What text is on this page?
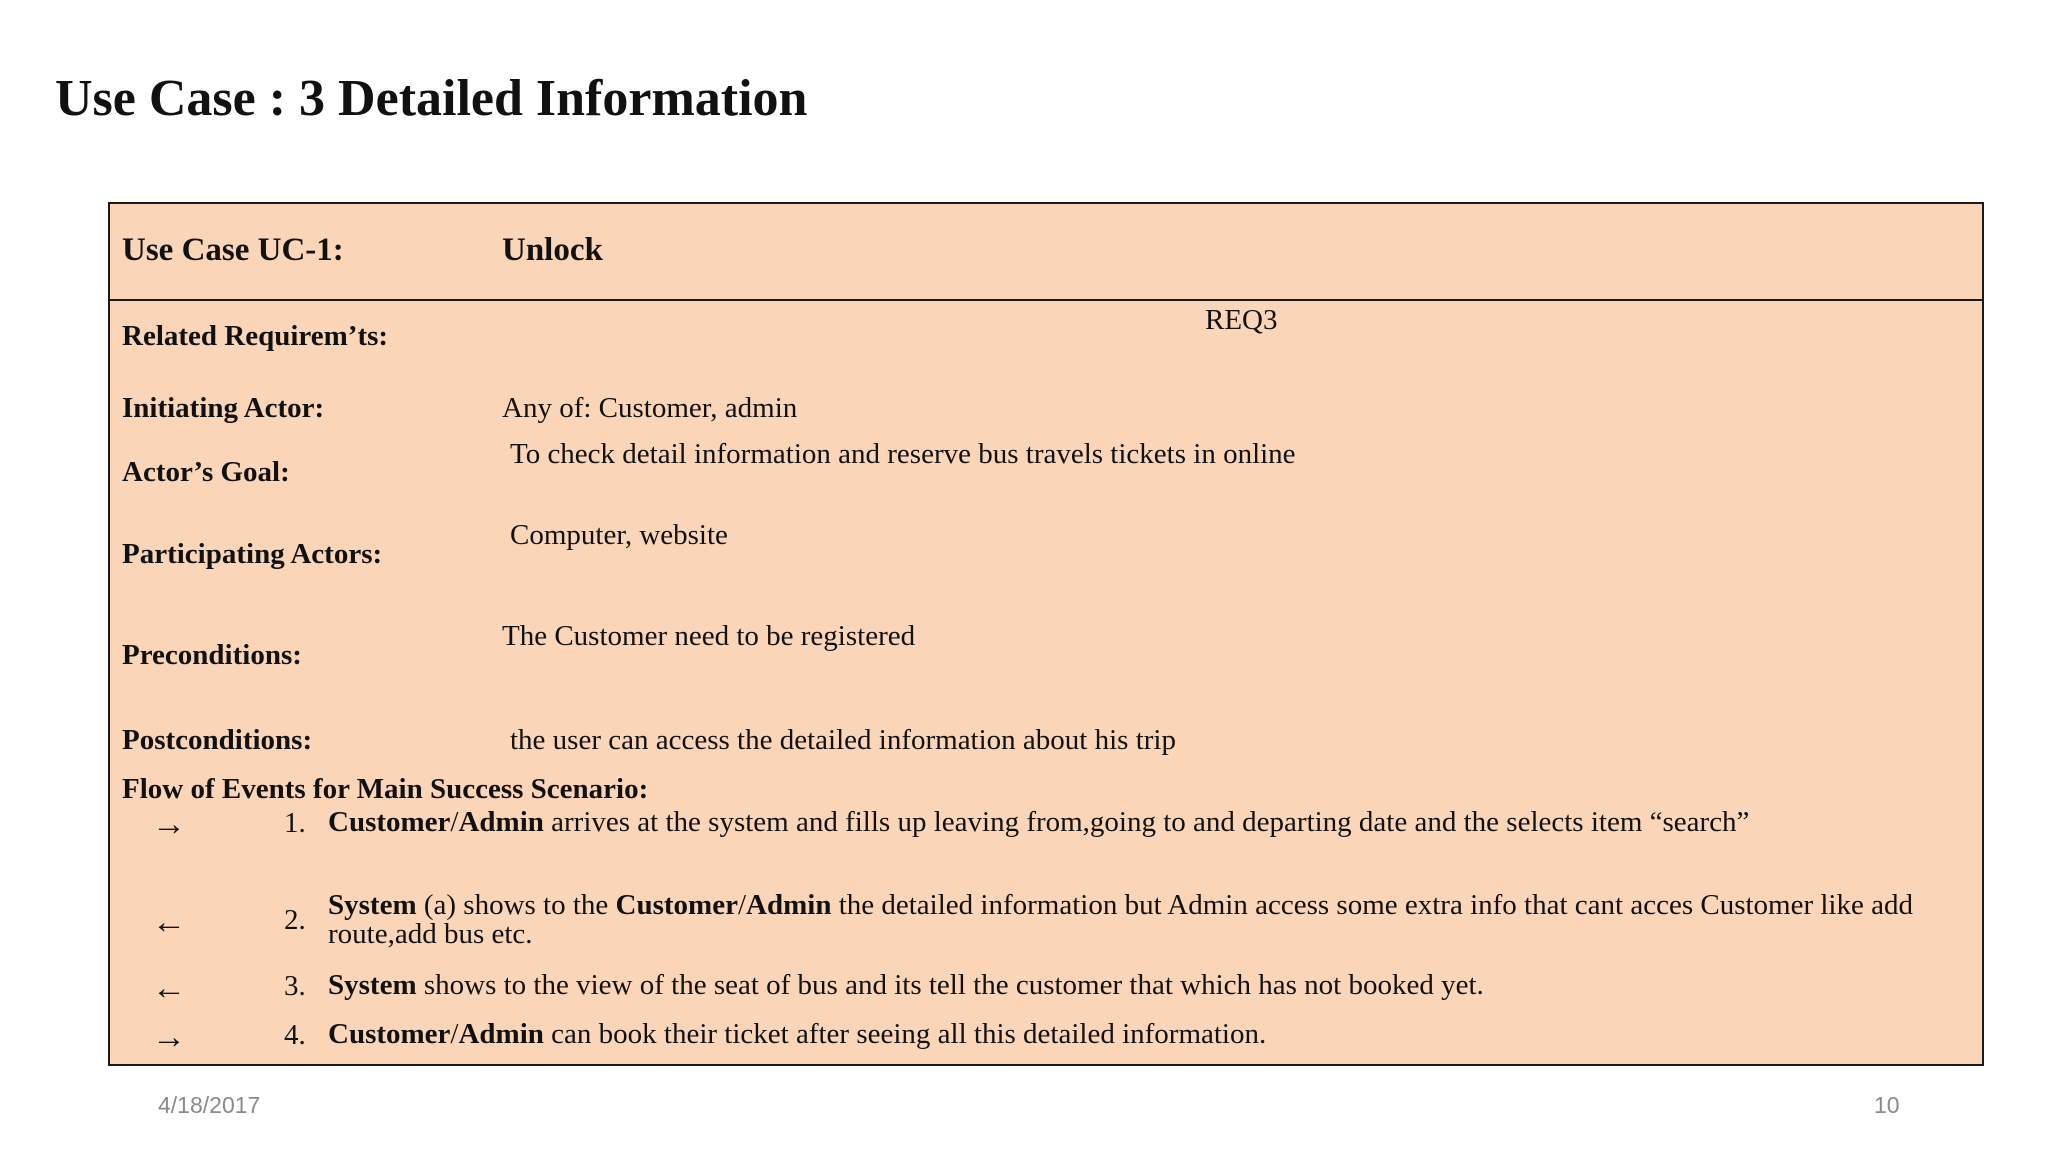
Use Case : 3 Detailed Information
Use Case UC-1:	Unlock
Related Requirem’ts:	REQ3
Initiating Actor:	Any of: Customer, admin
Actor’s Goal:
To check detail information and reserve bus travels tickets in online
Participating Actors:
Computer, website
Preconditions:
The Customer need to be registered
Postconditions:	the user can access the detailed information about his trip
Flow of Events for Main Success Scenario:
→	1. Customer/Admin arrives at the system and fills up leaving from,going to and departing date and the selects item “search”
←	2. System (a) shows to the Customer/Admin the detailed information but Admin access some extra info that cant acces Customer like add route,add bus etc.
←	3. System shows to the view of the seat of bus and its tell the customer that which has not booked yet.
→	4. Customer/Admin can book their ticket after seeing all this detailed information.
4/18/2017	10
